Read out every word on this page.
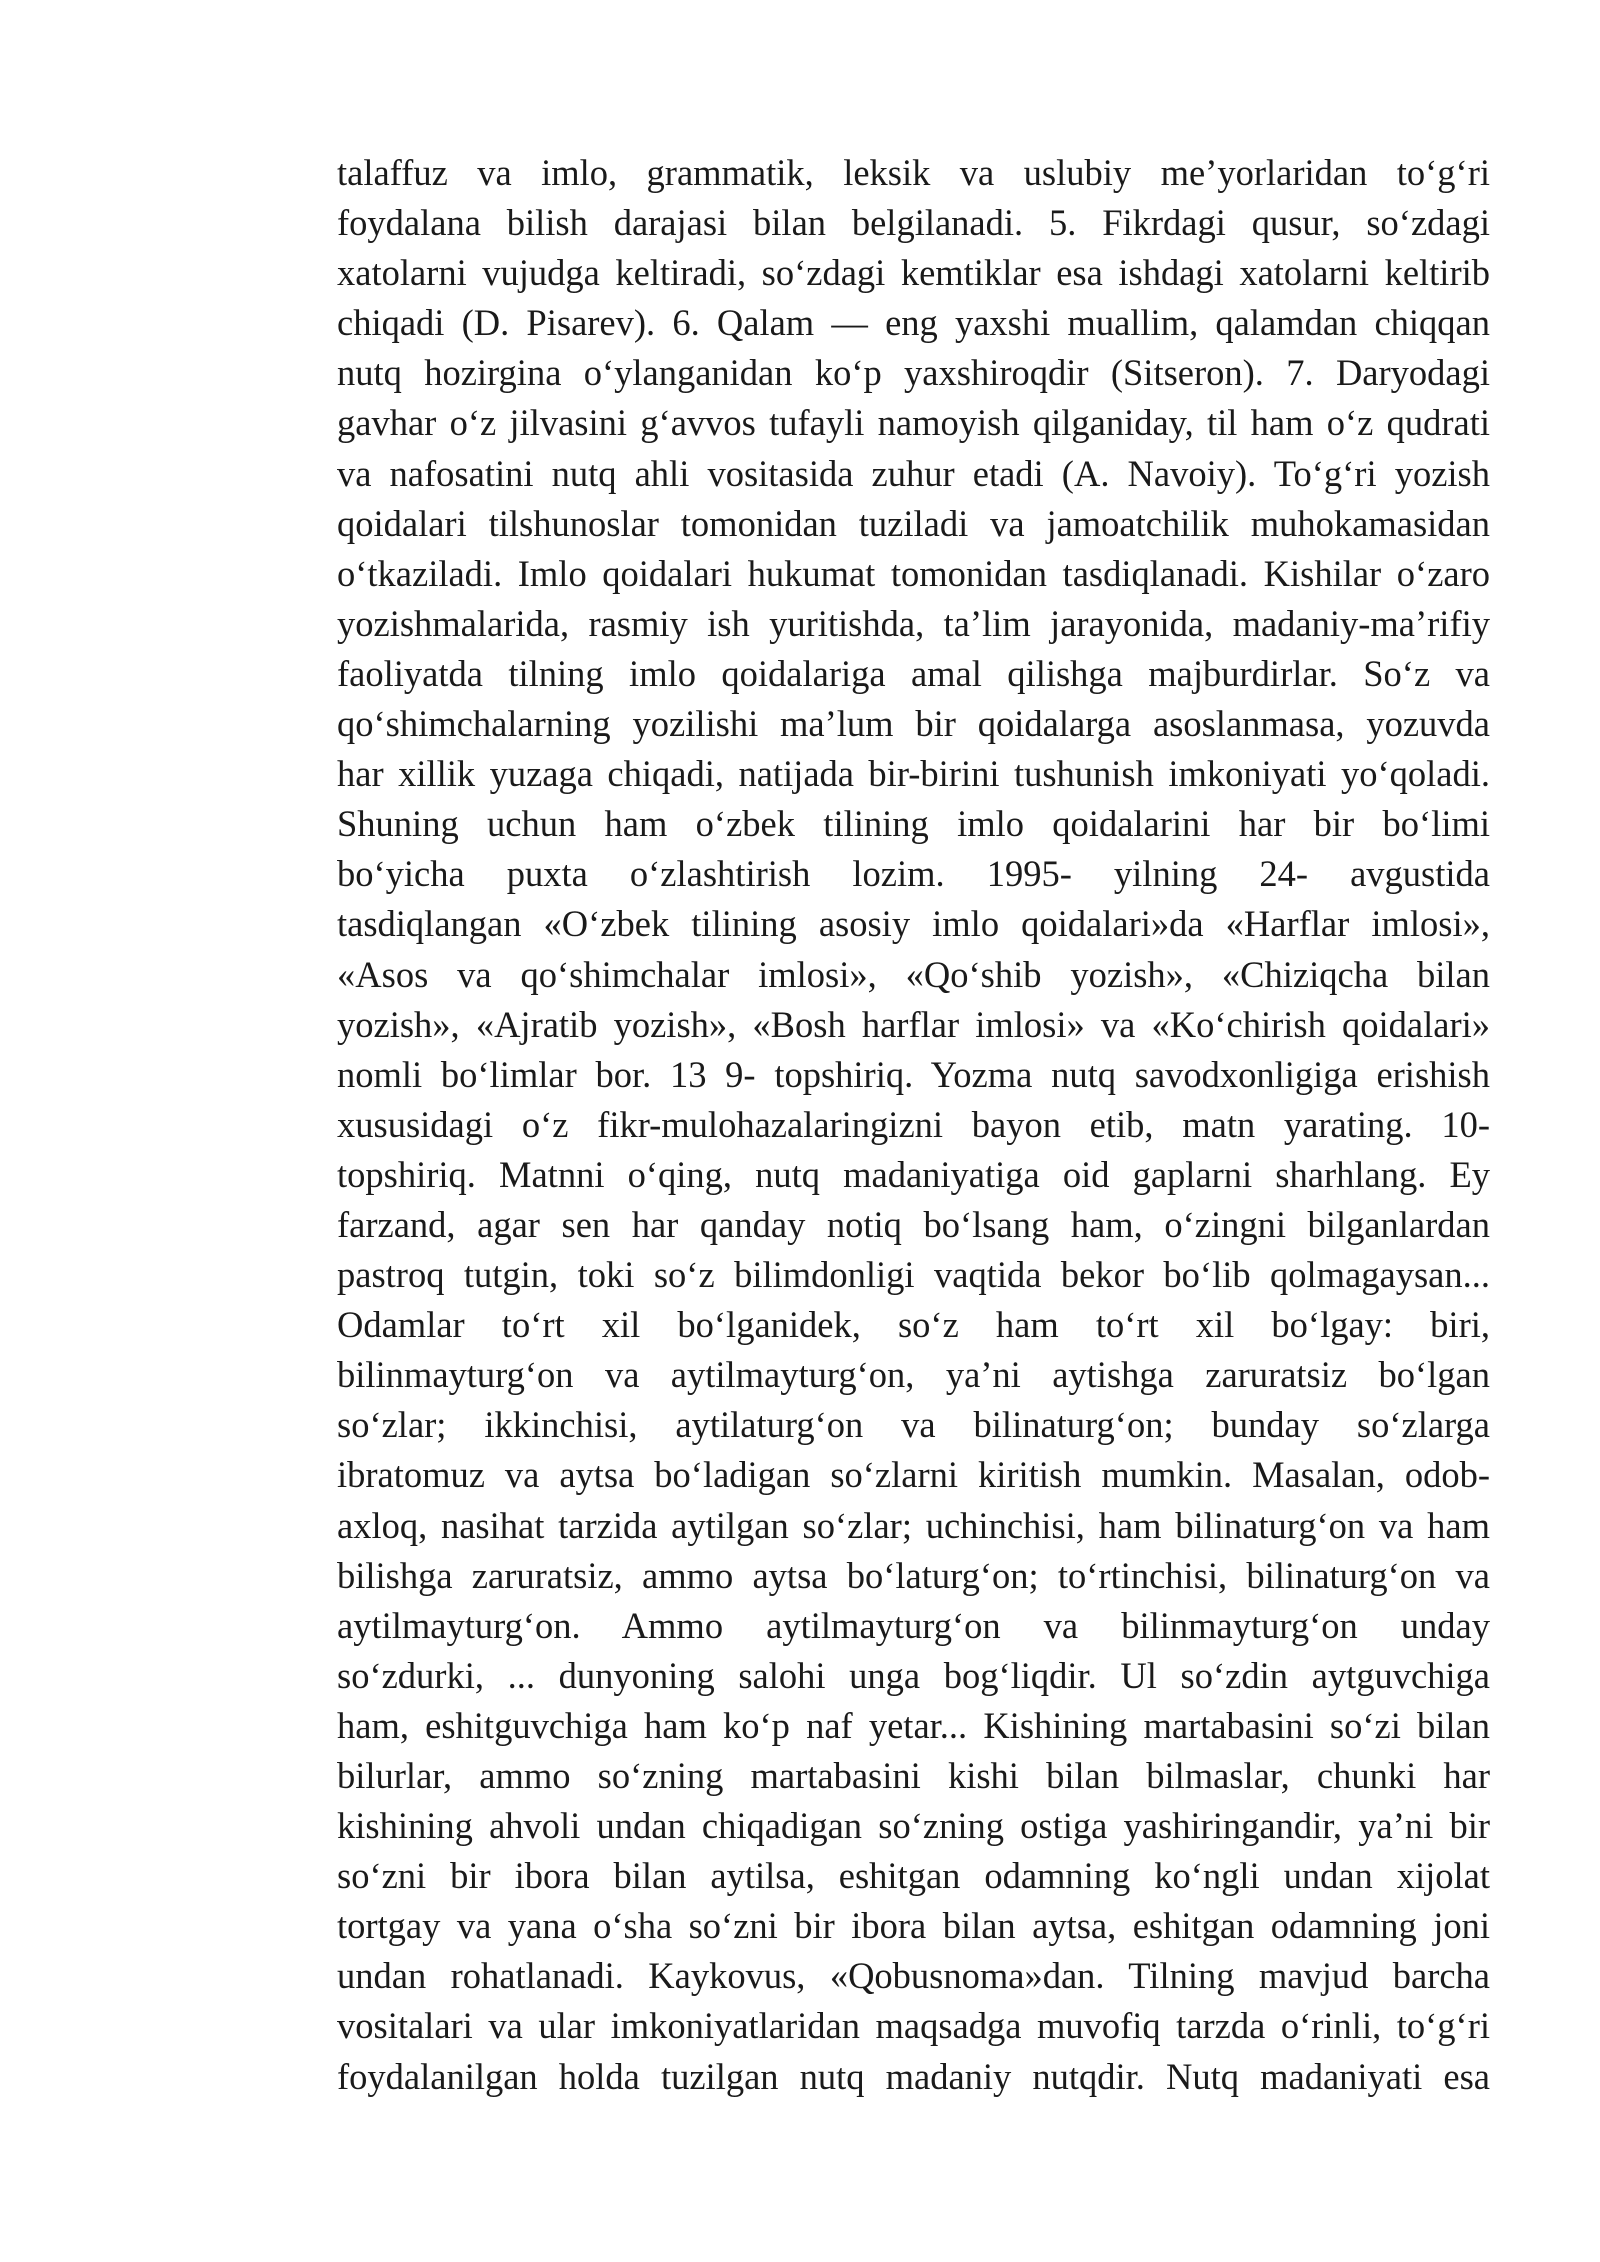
talaffuz va imlo, grammatik, leksik va uslubiy me’yorlaridan to‘g‘ri
foydalana bilish darajasi bilan belgilanadi. 5. Fikrdagi qusur, so‘zdagi
xatolarni vujudga keltiradi, so‘zdagi kemtiklar esa ishdagi xatolarni keltirib
chiqadi (D. Pisarev). 6. Qalam — eng yaxshi muallim, qalamdan chiqqan
nutq hozirgina o‘ylanganidan ko‘p yaxshiroqdir (Sitseron). 7. Daryodagi
gavhar o‘z jilvasini g‘avvos tufayli namoyish qilganiday, til ham o‘z qudrati
va nafosatini nutq ahli vositasida zuhur etadi (A. Navoiy). To‘g‘ri yozish
qoidalari tilshunoslar tomonidan tuziladi va jamoatchilik muhokamasidan
o‘tkaziladi. Imlo qoidalari hukumat tomonidan tasdiqlanadi. Kishilar o‘zaro
yozishmalarida, rasmiy ish yuritishda, ta’lim jarayonida, madaniy-ma’rifiy
faoliyatda tilning imlo qoidalariga amal qilishga majburdirlar. So‘z va
qo‘shimchalarning yozilishi ma’lum bir qoidalarga asoslanmasa, yozuvda
har xillik yuzaga chiqadi, natijada bir-birini tushunish imkoniyati yo‘qoladi.
Shuning uchun ham o‘zbek tilining imlo qoidalarini har bir bo‘limi
bo‘yicha puxta o‘zlashtirish lozim. 1995- yilning 24- avgustida
tasdiqlangan «O‘zbek tilining asosiy imlo qoidalari»da «Harflar imlosi»,
«Asos va qo‘shimchalar imlosi», «Qo‘shib yozish», «Chiziqcha bilan
yozish», «Ajratib yozish», «Bosh harflar imlosi» va «Ko‘chirish qoidalari»
nomli bo‘limlar bor. 13 9- topshiriq. Yozma nutq savodxonligiga erishish
xususidagi o‘z fikr-mulohazalaringizni bayon etib, matn yarating. 10-
topshiriq. Matnni o‘qing, nutq madaniyatiga oid gaplarni sharhlang. Ey
farzand, agar sen har qanday notiq bo‘lsang ham, o‘zingni bilganlardan
pastroq tutgin, toki so‘z bilimdonligi vaqtida bekor bo‘lib qolmagaysan...
Odamlar to‘rt xil bo‘lganidek, so‘z ham to‘rt xil bo‘lgay: biri,
bilinmayturg‘on va aytilmayturg‘on, ya’ni aytishga zaruratsiz bo‘lgan
so‘zlar; ikkinchisi, aytilaturg‘on va bilinaturg‘on; bunday so‘zlarga
ibratomuz va aytsa bo‘ladigan so‘zlarni kiritish mumkin. Masalan, odob-
axloq, nasihat tarzida aytilgan so‘zlar; uchinchisi, ham bilinaturg‘on va ham
bilishga zaruratsiz, ammo aytsa bo‘laturg‘on; to‘rtinchisi, bilinaturg‘on va
aytilmayturg‘on. Ammo aytilmayturg‘on va bilinmayturg‘on unday
so‘zdurki, ... dunyoning salohi unga bog‘liqdir. Ul so‘zdin aytguvchiga
ham, eshitguvchiga ham ko‘p naf yetar... Kishining martabasini so‘zi bilan
bilurlar, ammo so‘zning martabasini kishi bilan bilmaslar, chunki har
kishining ahvoli undan chiqadigan so‘zning ostiga yashiringandir, ya’ni bir
so‘zni bir ibora bilan aytilsa, eshitgan odamning ko‘ngli undan xijolat
tortgay va yana o‘sha so‘zni bir ibora bilan aytsa, eshitgan odamning joni
undan rohatlanadi. Kaykovus, «Qobusnoma»dan. Tilning mavjud barcha
vositalari va ular imkoniyatlaridan maqsadga muvofiq tarzda o‘rinli, to‘g‘ri
foydalanilgan holda tuzilgan nutq madaniy nutqdir. Nutq madaniyati esa
